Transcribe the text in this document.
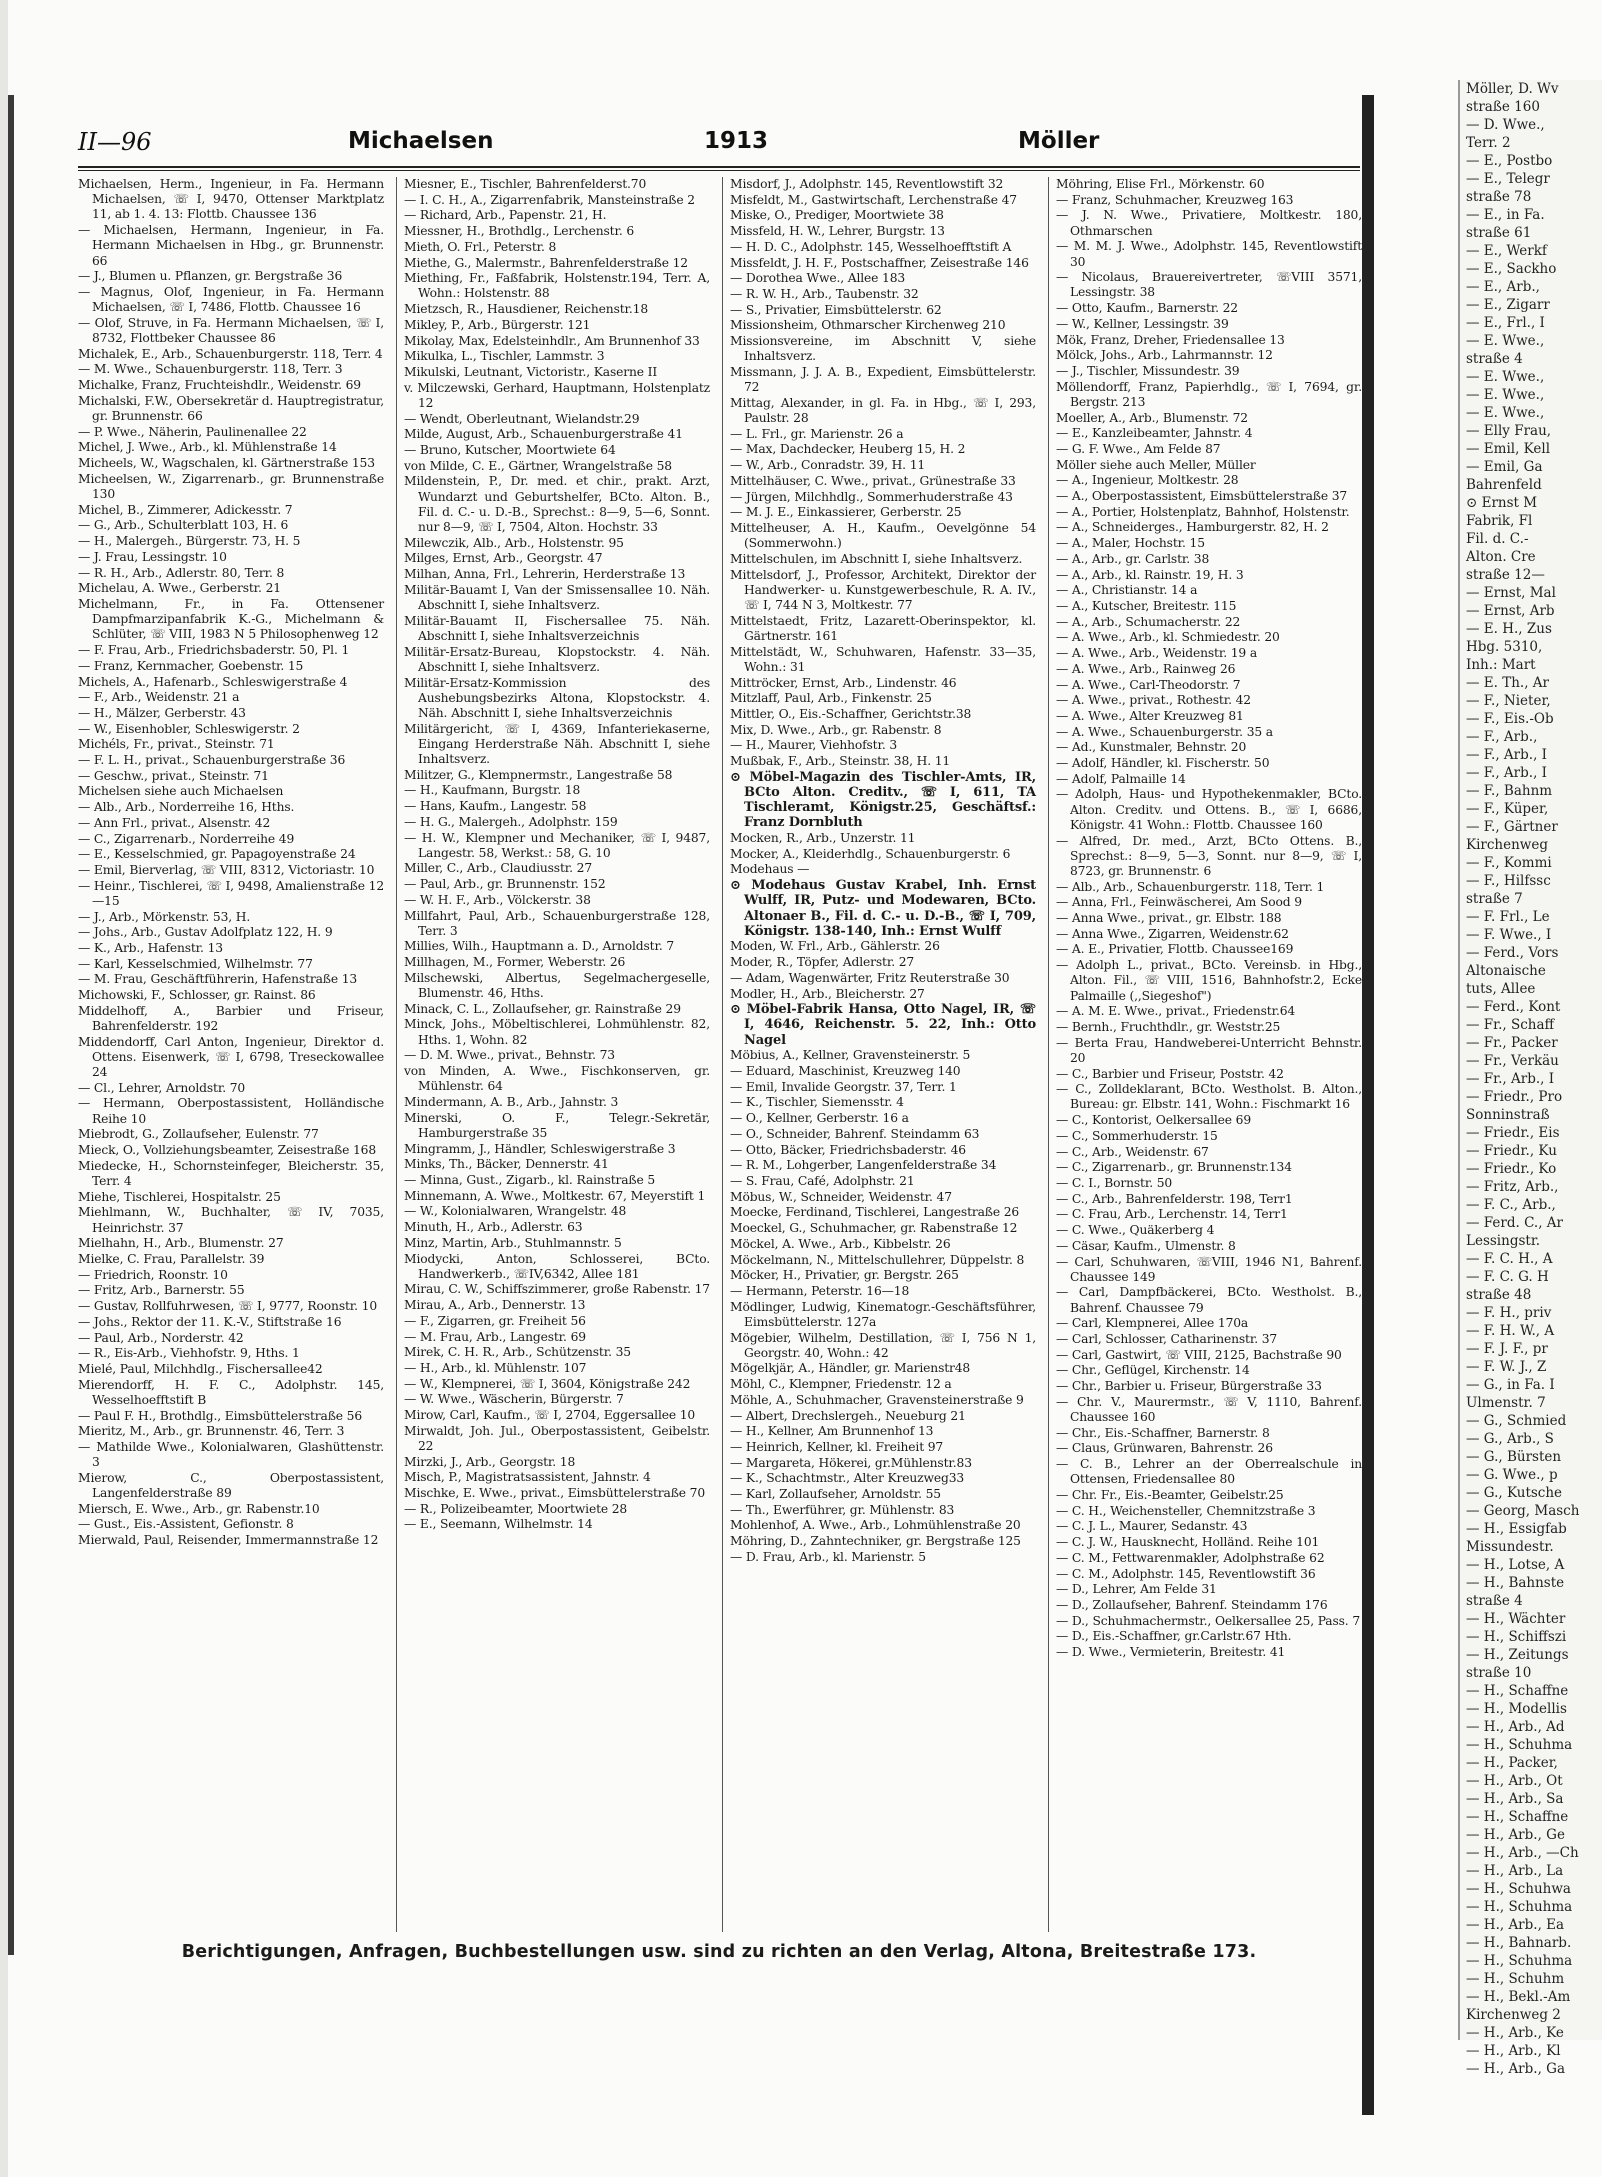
II—96	Michaelsen	1913	Möller
Michaelsen, Herm., Ingenieur, in Fa. Hermann Michaelsen, ☏ I, 9470, Ottenser Marktplatz 11, ab 1. 4. 13: Flottb. Chaussee 136
— Michaelsen, Hermann, Ingenieur, in Fa. Hermann Michaelsen in Hbg., gr. Brunnenstr. 66
— J., Blumen u. Pflanzen, gr. Bergstraße 36
— Magnus, Olof, Ingenieur, in Fa. Hermann Michaelsen, ☏ I, 7486, Flottb. Chaussee 16
— Olof, Struve, in Fa. Hermann Michaelsen, ☏ I, 8732, Flottbeker Chaussee 86
Michalek, E., Arb., Schauenburgerstr. 118, Terr. 4
— M. Wwe., Schauenburgerstr. 118, Terr. 3
Michalke, Franz, Fruchteishdlr., Weidenstr. 69
Michalski, F.W., Obersekretär d. Hauptregistratur, gr. Brunnenstr. 66
— P. Wwe., Näherin, Paulinenallee 22
Michel, J. Wwe., Arb., kl. Mühlenstraße 14
Micheels, W., Wagschalen, kl. Gärtnerstraße 153
Micheelsen, W., Zigarrenarb., gr. Brunnenstraße 130
Michel, B., Zimmerer, Adickesstr. 7
— G., Arb., Schulterblatt 103, H. 6
— H., Malergeh., Bürgerstr. 73, H. 5
— J. Frau, Lessingstr. 10
— R. H., Arb., Adlerstr. 80, Terr. 8
Michelau, A. Wwe., Gerberstr. 21
Michelmann, Fr., in Fa. Ottensener Dampfmarzipanfabrik K.-G., Michelmann & Schlüter, ☏ VIII, 1983 N 5 Philosophenweg 12
— F. Frau, Arb., Friedrichsbaderstr. 50, Pl. 1
— Franz, Kernmacher, Goebenstr. 15
Michels, A., Hafenarb., Schleswigerstraße 4
— F., Arb., Weidenstr. 21 a
— H., Mälzer, Gerberstr. 43
— W., Eisenhobler, Schleswigerstr. 2
Michéls, Fr., privat., Steinstr. 71
— F. L. H., privat., Schauenburgerstraße 36
— Geschw., privat., Steinstr. 71
Michelsen siehe auch Michaelsen
— Alb., Arb., Norderreihe 16, Hths.
— Ann Frl., privat., Alsenstr. 42
— C., Zigarrenarb., Norderreihe 49
— E., Kesselschmied, gr. Papagoyenstraße 24
— Emil, Bierverlag, ☏ VIII, 8312, Victoriastr. 10
— Heinr., Tischlerei, ☏ I, 9498, Amalienstraße 12—15
— J., Arb., Mörkenstr. 53, H.
— Johs., Arb., Gustav Adolfplatz 122, H. 9
— K., Arb., Hafenstr. 13
— Karl, Kesselschmied, Wilhelmstr. 77
— M. Frau, Geschäftführerin, Hafenstraße 13
Michowski, F., Schlosser, gr. Rainst. 86
Middelhoff, A., Barbier und Friseur, Bahrenfelderstr. 192
Middendorff, Carl Anton, Ingenieur, Direktor d. Ottens. Eisenwerk, ☏ I, 6798, Treseckowallee 24
— Cl., Lehrer, Arnoldstr. 70
— Hermann, Oberpostassistent, Holländische Reihe 10
Miebrodt, G., Zollaufseher, Eulenstr. 77
Mieck, O., Vollziehungsbeamter, Zeisestraße 168
Miedecke, H., Schornsteinfeger, Bleicherstr. 35, Terr. 4
Miehe, Tischlerei, Hospitalstr. 25
Miehlmann, W., Buchhalter, ☏ IV, 7035, Heinrichstr. 37
Mielhahn, H., Arb., Blumenstr. 27
Mielke, C. Frau, Parallelstr. 39
— Friedrich, Roonstr. 10
— Fritz, Arb., Barnerstr. 55
— Gustav, Rollfuhrwesen, ☏ I, 9777, Roonstr. 10
— Johs., Rektor der 11. K.-V., Stiftstraße 16
— Paul, Arb., Norderstr. 42
— R., Eis-Arb., Viehhofstr. 9, Hths. 1
Mielé, Paul, Milchhdlg., Fischersallee42
Mierendorff, H. F. C., Adolphstr. 145, Wesselhoefftstift B
— Paul F. H., Brothdlg., Eimsbüttelerstraße 56
Mieritz, M., Arb., gr. Brunnenstr. 46, Terr. 3
— Mathilde Wwe., Kolonialwaren, Glashüttenstr. 3
Mierow, C., Oberpostassistent, Langenfelderstraße 89
Miersch, E. Wwe., Arb., gr. Rabenstr.10
— Gust., Eis.-Assistent, Gefionstr. 8
Mierwald, Paul, Reisender, Immermannstraße 12
Miesner, E., Tischler, Bahrenfelderst.70
— I. C. H., A., Zigarrenfabrik, Mansteinstraße 2
— Richard, Arb., Papenstr. 21, H.
Miessner, H., Brothdlg., Lerchenstr. 6
Mieth, O. Frl., Peterstr. 8
Miethe, G., Malermstr., Bahrenfelderstraße 12
Miething, Fr., Faßfabrik, Holstenstr.194, Terr. A, Wohn.: Holstenstr. 88
Mietzsch, R., Hausdiener, Reichenstr.18
Mikley, P., Arb., Bürgerstr. 121
Mikolay, Max, Edelsteinhdlr., Am Brunnenhof 33
Mikulka, L., Tischler, Lammstr. 3
Mikulski, Leutnant, Victoristr., Kaserne II
v. Milczewski, Gerhard, Hauptmann, Holstenplatz 12
— Wendt, Oberleutnant, Wielandstr.29
Milde, August, Arb., Schauenburgerstraße 41
— Bruno, Kutscher, Moortwiete 64
von Milde, C. E., Gärtner, Wrangelstraße 58
Mildenstein, P., Dr. med. et chir., prakt. Arzt, Wundarzt und Geburtshelfer, BCto. Alton. B., Fil. d. C.- u. D.-B., Sprechst.: 8—9, 5—6, Sonnt. nur 8—9, ☏ I, 7504, Alton. Hochstr. 33
Milewczik, Alb., Arb., Holstenstr. 95
Milges, Ernst, Arb., Georgstr. 47
Milhan, Anna, Frl., Lehrerin, Herderstraße 13
Militär-Bauamt I, Van der Smissensallee 10. Näh. Abschnitt I, siehe Inhaltsverz.
Militär-Bauamt II, Fischersallee 75. Näh. Abschnitt I, siehe Inhaltsverzeichnis
Militär-Ersatz-Bureau, Klopstockstr. 4. Näh. Abschnitt I, siehe Inhaltsverz.
Militär-Ersatz-Kommission des Aushebungsbezirks Altona, Klopstockstr. 4. Näh. Abschnitt I, siehe Inhaltsverzeichnis
Militärgericht, ☏ I, 4369, Infanteriekaserne, Eingang Herderstraße Näh. Abschnitt I, siehe Inhaltsverz.
Militzer, G., Klempnermstr., Langestraße 58
— H., Kaufmann, Burgstr. 18
— Hans, Kaufm., Langestr. 58
— H. G., Malergeh., Adolphstr. 159
— H. W., Klempner und Mechaniker, ☏ I, 9487, Langestr. 58, Werkst.: 58, G. 10
Miller, C., Arb., Claudiusstr. 27
— Paul, Arb., gr. Brunnenstr. 152
— W. H. F., Arb., Völckerstr. 38
Millfahrt, Paul, Arb., Schauenburgerstraße 128, Terr. 3
Millies, Wilh., Hauptmann a. D., Arnoldstr. 7
Millhagen, M., Former, Weberstr. 26
Milschewski, Albertus, Segelmachergeselle, Blumenstr. 46, Hths.
Minack, C. L., Zollaufseher, gr. Rainstraße 29
Minck, Johs., Möbeltischlerei, Lohmühlenstr. 82, Hths. 1, Wohn. 82
— D. M. Wwe., privat., Behnstr. 73
von Minden, A. Wwe., Fischkonserven, gr. Mühlenstr. 64
Mindermann, A. B., Arb., Jahnstr. 3
Minerski, O. F., Telegr.-Sekretär, Hamburgerstraße 35
Mingramm, J., Händler, Schleswigerstraße 3
Minks, Th., Bäcker, Dennerstr. 41
— Minna, Gust., Zigarb., kl. Rainstraße 5
Minnemann, A. Wwe., Moltkestr. 67, Meyerstift 1
— W., Kolonialwaren, Wrangelstr. 48
Minuth, H., Arb., Adlerstr. 63
Minz, Martin, Arb., Stuhlmannstr. 5
Miodycki, Anton, Schlosserei, BCto. Handwerkerb., ☏IV,6342, Allee 181
Mirau, C. W., Schiffszimmerer, große Rabenstr. 17
Mirau, A., Arb., Dennerstr. 13
— F., Zigarren, gr. Freiheit 56
— M. Frau, Arb., Langestr. 69
Mirek, C. H. R., Arb., Schützenstr. 35
— H., Arb., kl. Mühlenstr. 107
— W., Klempnerei, ☏ I, 3604, Königstraße 242
— W. Wwe., Wäscherin, Bürgerstr. 7
Mirow, Carl, Kaufm., ☏ I, 2704, Eggersallee 10
Mirwaldt, Joh. Jul., Oberpostassistent, Geibelstr. 22
Mirzki, J., Arb., Georgstr. 18
Misch, P., Magistratsassistent, Jahnstr. 4
Mischke, E. Wwe., privat., Eimsbüttelerstraße 70
— R., Polizeibeamter, Moortwiete 28
— E., Seemann, Wilhelmstr. 14
Misdorf, J., Adolphstr. 145, Reventlowstift 32
Misfeldt, M., Gastwirtschaft, Lerchenstraße 47
Miske, O., Prediger, Moortwiete 38
Missfeld, H. W., Lehrer, Burgstr. 13
— H. D. C., Adolphstr. 145, Wesselhoefftstift A
Missfeldt, J. H. F., Postschaffner, Zeisestraße 146
— Dorothea Wwe., Allee 183
— R. W. H., Arb., Taubenstr. 32
— S., Privatier, Eimsbüttelerstr. 62
Missionsheim, Othmarscher Kirchenweg 210
Missionsvereine, im Abschnitt V, siehe Inhaltsverz.
Missmann, J. J. A. B., Expedient, Eimsbüttelerstr. 72
Mittag, Alexander, in gl. Fa. in Hbg., ☏ I, 293, Paulstr. 28
— L. Frl., gr. Marienstr. 26 a
— Max, Dachdecker, Heuberg 15, H. 2
— W., Arb., Conradstr. 39, H. 11
Mittelhäuser, C. Wwe., privat., Grünestraße 33
— Jürgen, Milchhdlg., Sommerhuderstraße 43
— M. J. E., Einkassierer, Gerberstr. 25
Mittelheuser, A. H., Kaufm., Oevelgönne 54 (Sommerwohn.)
Mittelschulen, im Abschnitt I, siehe Inhaltsverz.
Mittelsdorf, J., Professor, Architekt, Direktor der Handwerker- u. Kunstgewerbeschule, R. A. IV., ☏ I, 744 N 3, Moltkestr. 77
Mittelstaedt, Fritz, Lazarett-Oberinspektor, kl. Gärtnerstr. 161
Mittelstädt, W., Schuhwaren, Hafenstr. 33—35, Wohn.: 31
Mittröcker, Ernst, Arb., Lindenstr. 46
Mitzlaff, Paul, Arb., Finkenstr. 25
Mittler, O., Eis.-Schaffner, Gerichtstr.38
Mix, D. Wwe., Arb., gr. Rabenstr. 8
— H., Maurer, Viehhofstr. 3
Mußbak, F., Arb., Steinstr. 38, H. 11
⊙ Möbel-Magazin des Tischler-Amts, IR, BCto Alton. Creditv., ☏ I, 611, TA Tischleramt, Königstr.25, Geschäftsf.: Franz Dornbluth
Mocken, R., Arb., Unzerstr. 11
Mocker, A., Kleiderhdlg., Schauenburgerstr. 6
Modehaus —
⊙ Modehaus Gustav Krabel, Inh. Ernst Wulff, IR, Putz- und Modewaren, BCto. Altonaer B., Fil. d. C.- u. D.-B., ☏ I, 709, Königstr. 138-140, Inh.: Ernst Wulff
Moden, W. Frl., Arb., Gählerstr. 26
Moder, R., Töpfer, Adlerstr. 27
— Adam, Wagenwärter, Fritz Reuterstraße 30
Modler, H., Arb., Bleicherstr. 27
⊙ Möbel-Fabrik Hansa, Otto Nagel, IR, ☏ I, 4646, Reichenstr. 5. 22, Inh.: Otto Nagel
Möbius, A., Kellner, Gravensteinerstr. 5
— Eduard, Maschinist, Kreuzweg 140
— Emil, Invalide Georgstr. 37, Terr. 1
— K., Tischler, Siemensstr. 4
— O., Kellner, Gerberstr. 16 a
— O., Schneider, Bahrenf. Steindamm 63
— Otto, Bäcker, Friedrichsbaderstr. 46
— R. M., Lohgerber, Langenfelderstraße 34
— S. Frau, Café, Adolphstr. 21
Möbus, W., Schneider, Weidenstr. 47
Moecke, Ferdinand, Tischlerei, Langestraße 26
Moeckel, G., Schuhmacher, gr. Rabenstraße 12
Möckel, A. Wwe., Arb., Kibbelstr. 26
Möckelmann, N., Mittelschullehrer, Düppelstr. 8
Möcker, H., Privatier, gr. Bergstr. 265
— Hermann, Peterstr. 16—18
Mödlinger, Ludwig, Kinematogr.-Geschäftsführer, Eimsbüttelerstr. 127a
Mögebier, Wilhelm, Destillation, ☏ I, 756 N 1, Georgstr. 40, Wohn.: 42
Mögelkjär, A., Händler, gr. Marienstr48
Möhl, C., Klempner, Friedenstr. 12 a
Möhle, A., Schuhmacher, Gravensteinerstraße 9
— Albert, Drechslergeh., Neueburg 21
— H., Kellner, Am Brunnenhof 13
— Heinrich, Kellner, kl. Freiheit 97
— Margareta, Hökerei, gr.Mühlenstr.83
— K., Schachtmstr., Alter Kreuzweg33
— Karl, Zollaufseher, Arnoldstr. 55
— Th., Ewerführer, gr. Mühlenstr. 83
Mohlenhof, A. Wwe., Arb., Lohmühlenstraße 20
Möhring, D., Zahntechniker, gr. Bergstraße 125
— D. Frau, Arb., kl. Marienstr. 5
Möhring, Elise Frl., Mörkenstr. 60
— Franz, Schuhmacher, Kreuzweg 163
— J. N. Wwe., Privatiere, Moltkestr. 180, Othmarschen
— M. M. J. Wwe., Adolphstr. 145, Reventlowstift 30
— Nicolaus, Brauereivertreter, ☏VIII 3571, Lessingstr. 38
— Otto, Kaufm., Barnerstr. 22
— W., Kellner, Lessingstr. 39
Mök, Franz, Dreher, Friedensallee 13
Mölck, Johs., Arb., Lahrmannstr. 12
— J., Tischler, Missundestr. 39
Möllendorff, Franz, Papierhdlg., ☏ I, 7694, gr. Bergstr. 213
Moeller, A., Arb., Blumenstr. 72
— E., Kanzleibeamter, Jahnstr. 4
— G. F. Wwe., Am Felde 87
Möller siehe auch Meller, Müller
— A., Ingenieur, Moltkestr. 28
— A., Oberpostassistent, Eimsbüttelerstraße 37
— A., Portier, Holstenplatz, Bahnhof, Holstenstr.
— A., Schneiderges., Hamburgerstr. 82, H. 2
— A., Maler, Hochstr. 15
— A., Arb., gr. Carlstr. 38
— A., Arb., kl. Rainstr. 19, H. 3
— A., Christianstr. 14 a
— A., Kutscher, Breitestr. 115
— A., Arb., Schumacherstr. 22
— A. Wwe., Arb., kl. Schmiedestr. 20
— A. Wwe., Arb., Weidenstr. 19 a
— A. Wwe., Arb., Rainweg 26
— A. Wwe., Carl-Theodorstr. 7
— A. Wwe., privat., Rothestr. 42
— A. Wwe., Alter Kreuzweg 81
— A. Wwe., Schauenburgerstr. 35 a
— Ad., Kunstmaler, Behnstr. 20
— Adolf, Händler, kl. Fischerstr. 50
— Adolf, Palmaille 14
— Adolph, Haus- und Hypothekenmakler, BCto. Alton. Creditv. und Ottens. B., ☏ I, 6686, Königstr. 41 Wohn.: Flottb. Chaussee 160
— Alfred, Dr. med., Arzt, BCto Ottens. B., Sprechst.: 8—9, 5—3, Sonnt. nur 8—9, ☏ I, 8723, gr. Brunnenstr. 6
— Alb., Arb., Schauenburgerstr. 118, Terr. 1
— Anna, Frl., Feinwäscherei, Am Sood 9
— Anna Wwe., privat., gr. Elbstr. 188
— Anna Wwe., Zigarren, Weidenstr.62
— A. E., Privatier, Flottb. Chaussee169
— Adolph L., privat., BCto. Vereinsb. in Hbg., Alton. Fil., ☏ VIII, 1516, Bahnhofstr.2, Ecke Palmaille (,,Siegeshof")
— A. M. E. Wwe., privat., Friedenstr.64
— Bernh., Fruchthdlr., gr. Weststr.25
— Berta Frau, Handweberei-Unterricht Behnstr. 20
— C., Barbier und Friseur, Poststr. 42
— C., Zolldeklarant, BCto. Westholst. B. Alton., Bureau: gr. Elbstr. 141, Wohn.: Fischmarkt 16
— C., Kontorist, Oelkersallee 69
— C., Sommerhuderstr. 15
— C., Arb., Weidenstr. 67
— C., Zigarrenarb., gr. Brunnenstr.134
— C. I., Bornstr. 50
— C., Arb., Bahrenfelderstr. 198, Terr1
— C. Frau, Arb., Lerchenstr. 14, Terr1
— C. Wwe., Quäkerberg 4
— Cäsar, Kaufm., Ulmenstr. 8
— Carl, Schuhwaren, ☏VIII, 1946 N1, Bahrenf. Chaussee 149
— Carl, Dampfbäckerei, BCto. Westholst. B., Bahrenf. Chaussee 79
— Carl, Klempnerei, Allee 170a
— Carl, Schlosser, Catharinenstr. 37
— Carl, Gastwirt, ☏ VIII, 2125, Bachstraße 90
— Chr., Geflügel, Kirchenstr. 14
— Chr., Barbier u. Friseur, Bürgerstraße 33
— Chr. V., Maurermstr., ☏ V, 1110, Bahrenf. Chaussee 160
— Chr., Eis.-Schaffner, Barnerstr. 8
— Claus, Grünwaren, Bahrenstr. 26
— C. B., Lehrer an der Oberrealschule in Ottensen, Friedensallee 80
— Chr. Fr., Eis.-Beamter, Geibelstr.25
— C. H., Weichensteller, Chemnitzstraße 3
— C. J. L., Maurer, Sedanstr. 43
— C. J. W., Hausknecht, Holländ. Reihe 101
— C. M., Fettwarenmakler, Adolphstraße 62
— C. M., Adolphstr. 145, Reventlowstift 36
— D., Lehrer, Am Felde 31
— D., Zollaufseher, Bahrenf. Steindamm 176
— D., Schuhmachermstr., Oelkersallee 25, Pass. 7
— D., Eis.-Schaffner, gr.Carlstr.67 Hth.
— D. Wwe., Vermieterin, Breitestr. 41
Berichtigungen, Anfragen, Buchbestellungen usw. sind zu richten an den Verlag, Altona, Breitestraße 173.
Möller, D. Wv
straße 160
— D. Wwe.,
Terr. 2
— E., Postbo
— E., Telegr
straße 78
— E., in Fa.
straße 61
— E., Werkf
— E., Sackho
— E., Arb.,
— E., Zigarr
— E., Frl., I
— E. Wwe.,
straße 4
— E. Wwe.,
— E. Wwe.,
— E. Wwe.,
— Elly Frau,
— Emil, Kell
— Emil, Ga
Bahrenfeld
⊙ Ernst M
Fabrik, Fl
Fil. d. C.-
Alton. Cre
straße 12—
— Ernst, Mal
— Ernst, Arb
— E. H., Zus
Hbg. 5310,
Inh.: Mart
— E. Th., Ar
— F., Nieter,
— F., Eis.-Ob
— F., Arb.,
— F., Arb., I
— F., Arb., I
— F., Bahnm
— F., Küper,
— F., Gärtner
Kirchenweg
— F., Kommi
— F., Hilfssc
straße 7
— F. Frl., Le
— F. Wwe., I
— Ferd., Vors
Altonaische
tuts, Allee
— Ferd., Kont
— Fr., Schaff
— Fr., Packer
— Fr., Verkäu
— Fr., Arb., I
— Friedr., Pro
Sonninstraß
— Friedr., Eis
— Friedr., Ku
— Friedr., Ko
— Fritz, Arb.,
— F. C., Arb.,
— Ferd. C., Ar
Lessingstr.
— F. C. H., A
— F. C. G. H
straße 48
— F. H., priv
— F. H. W., A
— F. J. F., pr
— F. W. J., Z
— G., in Fa. I
Ulmenstr. 7
— G., Schmied
— G., Arb., S
— G., Bürsten
— G. Wwe., p
— G., Kutsche
— Georg, Masch
— H., Essigfab
Missundestr.
— H., Lotse, A
— H., Bahnste
straße 4
— H., Wächter
— H., Schiffszi
— H., Zeitungs
straße 10
— H., Schaffne
— H., Modellis
— H., Arb., Ad
— H., Schuhma
— H., Packer,
— H., Arb., Ot
— H., Arb., Sa
— H., Schaffne
— H., Arb., Ge
— H., Arb., —Ch
— H., Arb., La
— H., Schuhwa
— H., Schuhma
— H., Arb., Ea
— H., Bahnarb.
— H., Schuhma
— H., Schuhm
— H., Bekl.-Am
Kirchenweg 2
— H., Arb., Ke
— H., Arb., Kl
— H., Arb., Ga
